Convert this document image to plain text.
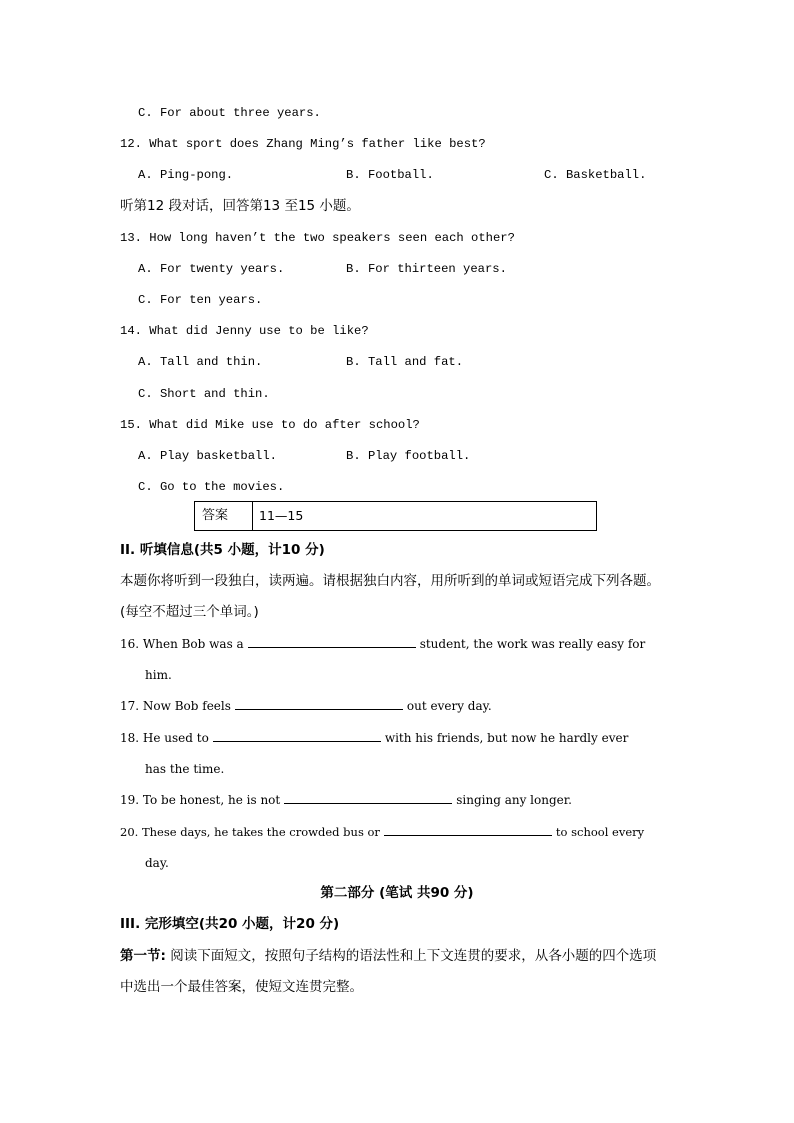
C. For about three years.
12. What sport does Zhang Ming’s father like best?
A. Ping-pong.	B. Football.	C. Basketball.
听第12 段对话，回答第13 至15 小题。
13. How long haven’t the two speakers seen each other?
A. For twenty years.	B. For thirteen years.
C. For ten years.
14. What did Jenny use to be like?
A. Tall and thin.	B. Tall and fat.
C. Short and thin.
15. What did Mike use to do after school?
A. Play basketball.	B. Play football.
C. Go to the movies.
答案	11—15
II. 听填信息(共5 小题，计10 分)
本题你将听到一段独白，读两遍。请根据独白内容，用所听到的单词或短语完成下列各题。
(每空不超过三个单词。)
16. When Bob was a	student, the work was really easy for
him.
17. Now Bob feels	out every day.
18. He used to	with his friends, but now he hardly ever
has the time.
19. To be honest, he is not	singing any longer.
20. These days, he takes the crowded bus or	to school every
day.
第二部分 (笔试 共90 分)
III. 完形填空(共20 小题，计20 分)
第一节: 阅读下面短文，按照句子结构的语法性和上下文连贯的要求，从各小题的四个选项
中选出一个最佳答案，使短文连贯完整。
